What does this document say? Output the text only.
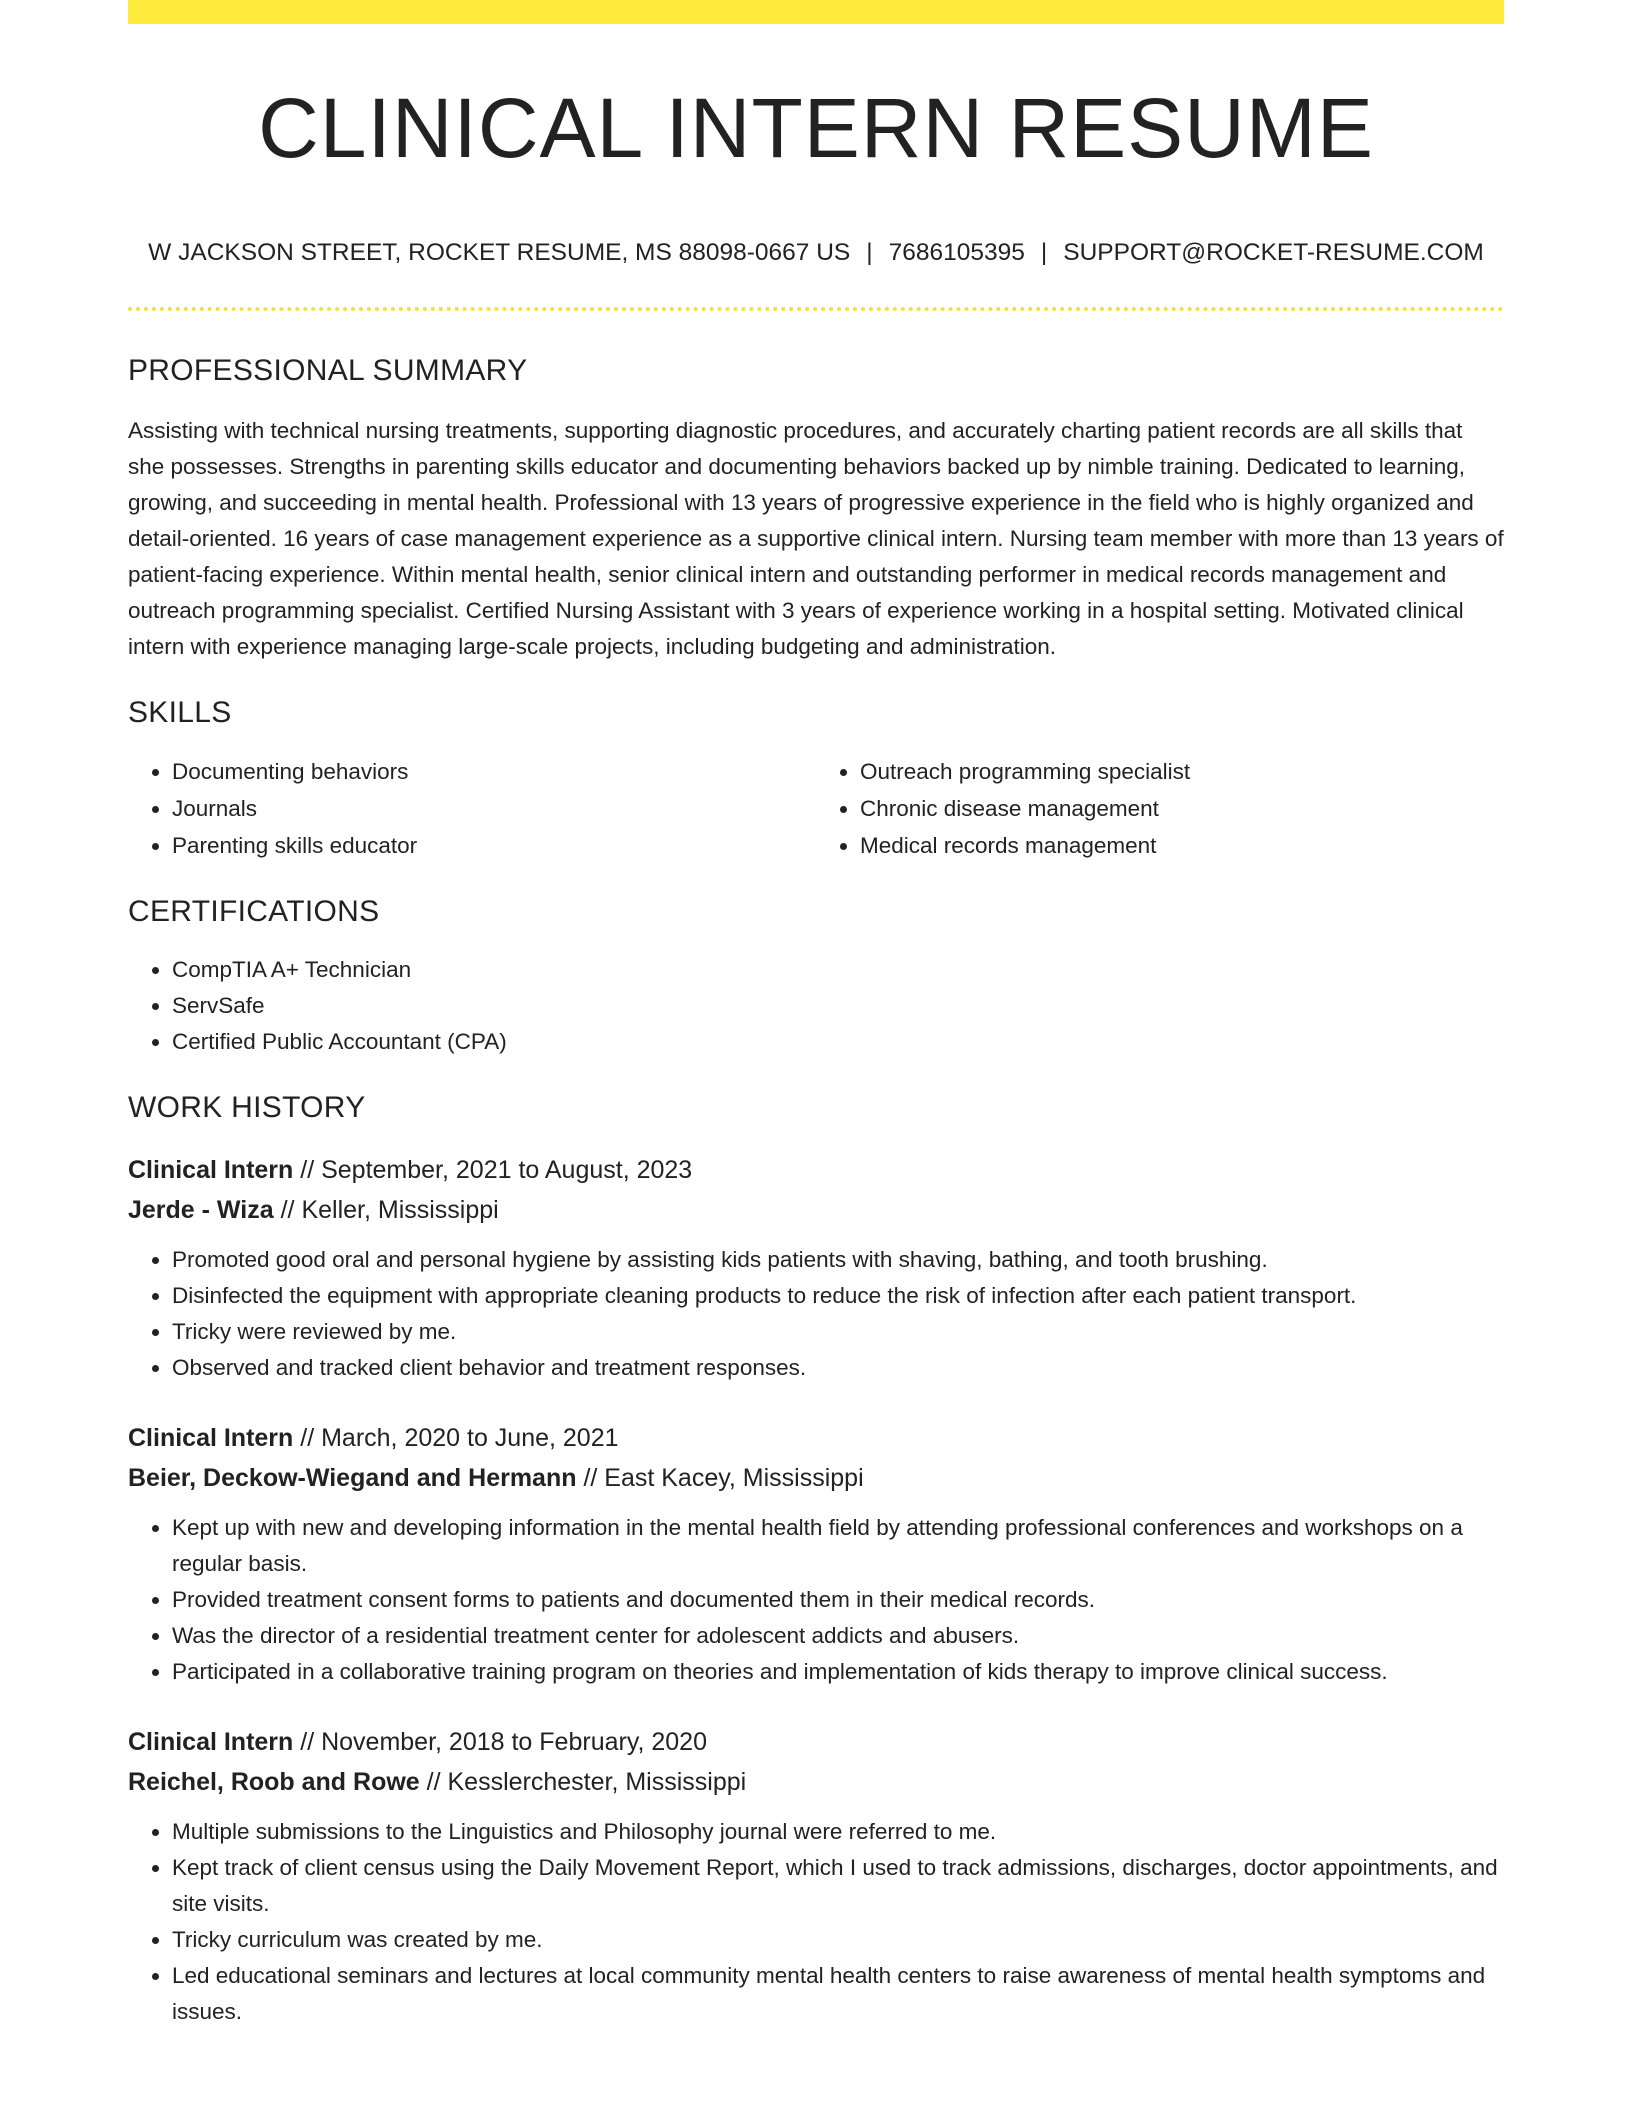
CLINICAL INTERN RESUME
W JACKSON STREET, ROCKET RESUME, MS 88098-0667 US | 7686105395 | SUPPORT@ROCKET-RESUME.COM
PROFESSIONAL SUMMARY

Assisting with technical nursing treatments, supporting diagnostic procedures, and accurately charting patient records are all skills that she possesses. Strengths in parenting skills educator and documenting behaviors backed up by nimble training. Dedicated to learning, growing, and succeeding in mental health. Professional with 13 years of progressive experience in the field who is highly organized and detail-oriented. 16 years of case management experience as a supportive clinical intern. Nursing team member with more than 13 years of patient-facing experience. Within mental health, senior clinical intern and outstanding performer in medical records management and outreach programming specialist. Certified Nursing Assistant with 3 years of experience working in a hospital setting. Motivated clinical intern with experience managing large-scale projects, including budgeting and administration.

SKILLS
• Documenting behaviors
• Journals
• Parenting skills educator
• Outreach programming specialist
• Chronic disease management
• Medical records management
CERTIFICATIONS
• CompTIA A+ Technician
• ServSafe
• Certified Public Accountant (CPA)
WORK HISTORY
Clinical Intern // September, 2021 to August, 2023
Jerde - Wiza // Keller, Mississippi
• Promoted good oral and personal hygiene by assisting kids patients with shaving, bathing, and tooth brushing.
• Disinfected the equipment with appropriate cleaning products to reduce the risk of infection after each patient transport.
• Tricky were reviewed by me.
• Observed and tracked client behavior and treatment responses.
Clinical Intern // March, 2020 to June, 2021
Beier, Deckow-Wiegand and Hermann // East Kacey, Mississippi
• Kept up with new and developing information in the mental health field by attending professional conferences and workshops on a regular basis.
• Provided treatment consent forms to patients and documented them in their medical records.
• Was the director of a residential treatment center for adolescent addicts and abusers.
• Participated in a collaborative training program on theories and implementation of kids therapy to improve clinical success.
Clinical Intern // November, 2018 to February, 2020
Reichel, Roob and Rowe // Kesslerchester, Mississippi
• Multiple submissions to the Linguistics and Philosophy journal were referred to me.
• Kept track of client census using the Daily Movement Report, which I used to track admissions, discharges, doctor appointments, and site visits.
• Tricky curriculum was created by me.
• Led educational seminars and lectures at local community mental health centers to raise awareness of mental health symptoms and issues.
